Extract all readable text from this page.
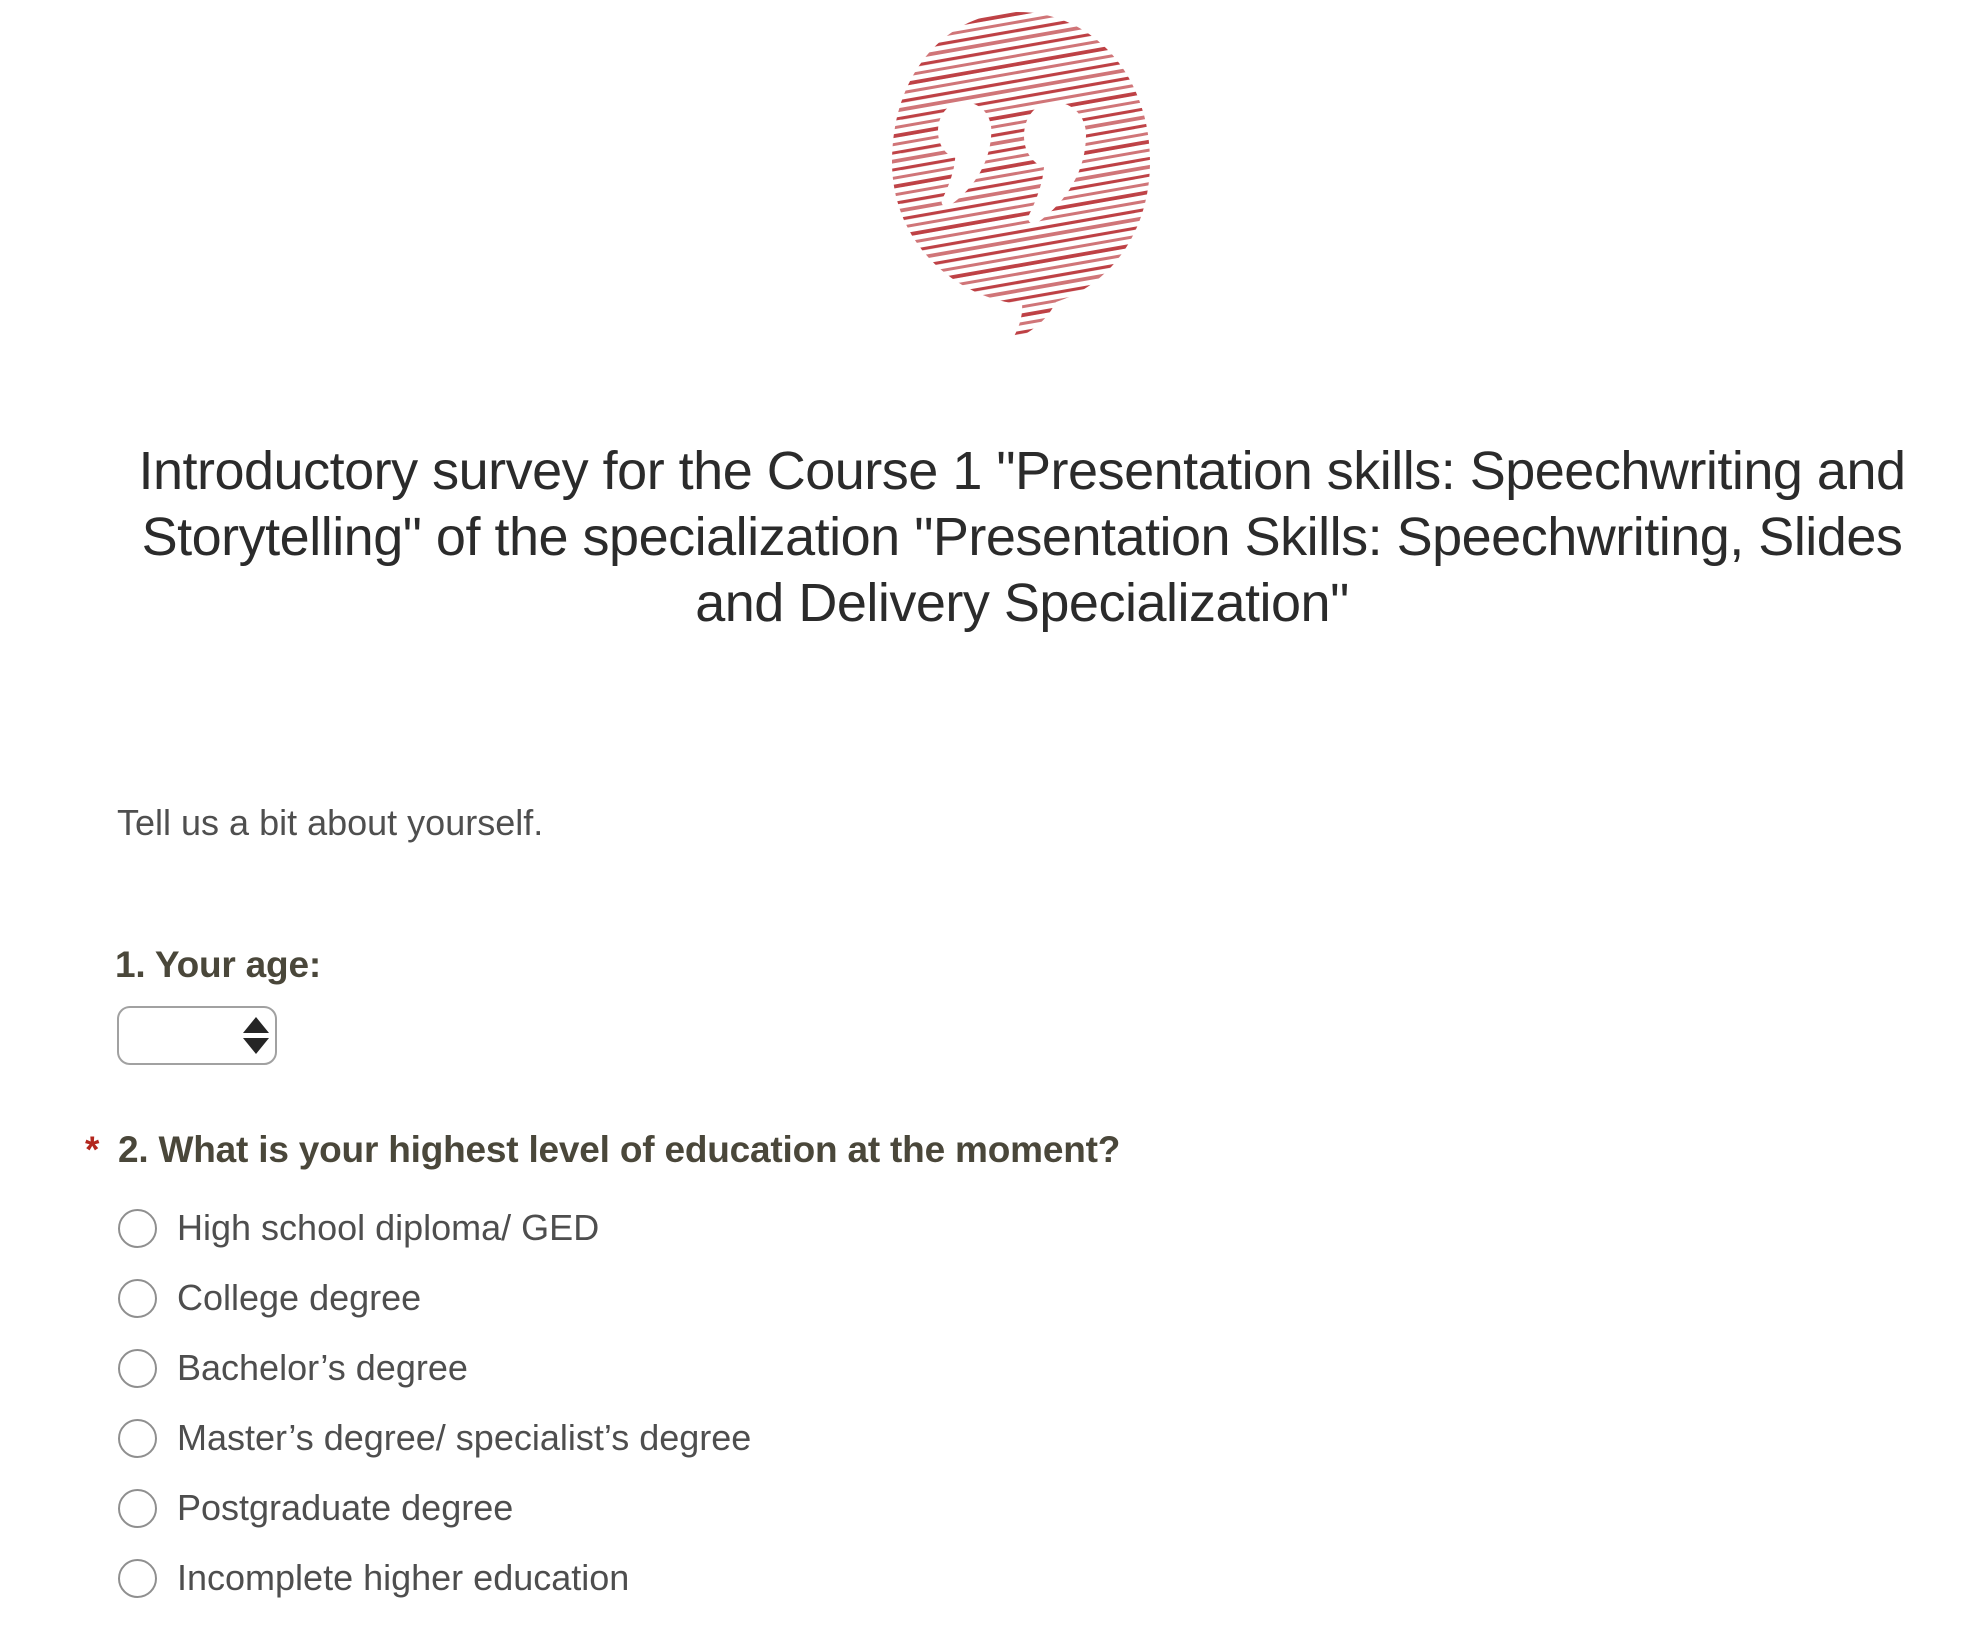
Introductory survey for the Course 1 "Presentation skills: Speechwriting and
Storytelling" of the specialization "Presentation Skills: Speechwriting, Slides
and Delivery Specialization"
Tell us a bit about yourself.
1. Your age:
* 2. What is your highest level of education at the moment?
High school diploma/ GED
College degree
Bachelor’s degree
Master’s degree/ specialist’s degree
Postgraduate degree
Incomplete higher education
